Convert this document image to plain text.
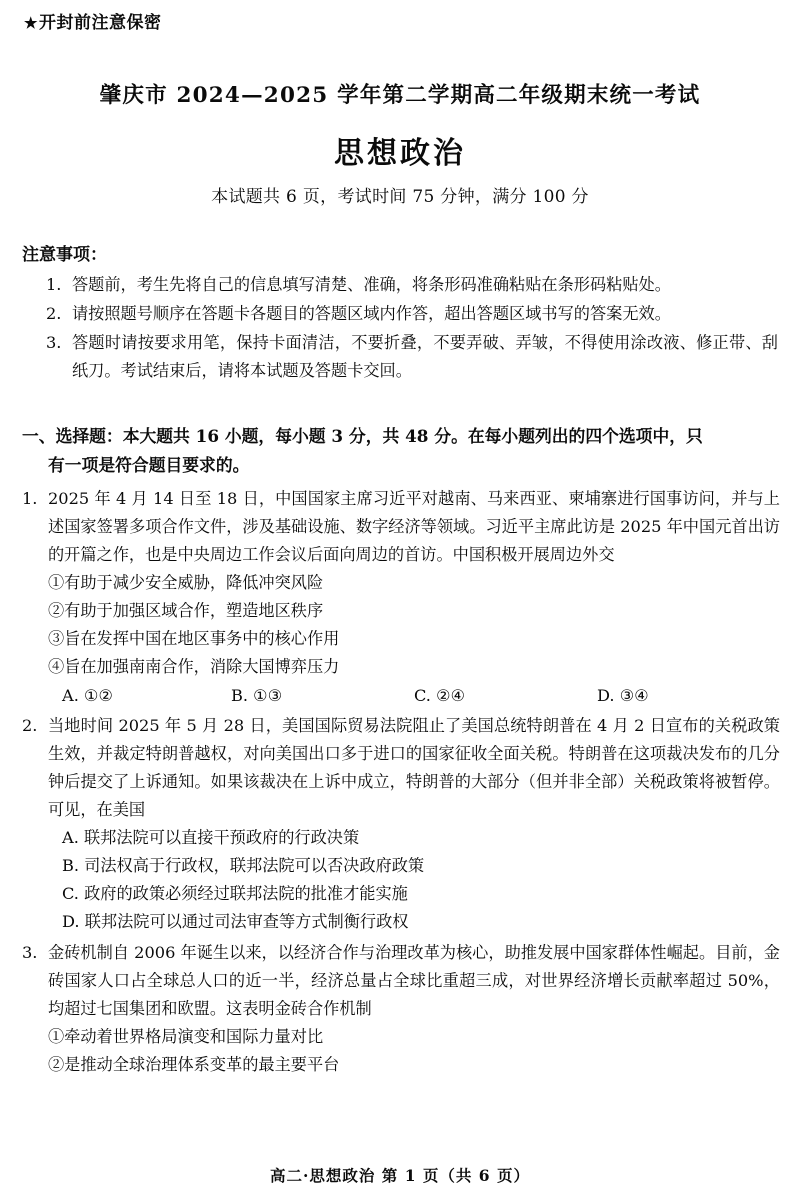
★开封前注意保密
肇庆市 2024—2025 学年第二学期高二年级期末统一考试
思想政治
本试题共 6 页，考试时间 75 分钟，满分 100 分
注意事项：
1. 答题前，考生先将自己的信息填写清楚、准确，将条形码准确粘贴在条形码粘贴处。
2. 请按照题号顺序在答题卡各题目的答题区域内作答，超出答题区域书写的答案无效。
3. 答题时请按要求用笔，保持卡面清洁，不要折叠，不要弄破、弄皱，不得使用涂改液、修正带、刮纸刀。考试结束后，请将本试题及答题卡交回。
一、选择题：本大题共 16 小题，每小题 3 分，共 48 分。在每小题列出的四个选项中，只
有一项是符合题目要求的。
1. 2025 年 4 月 14 日至 18 日，中国国家主席习近平对越南、马来西亚、柬埔寨进行国事访问，并与上述国家签署多项合作文件，涉及基础设施、数字经济等领域。习近平主席此访是 2025 年中国元首出访的开篇之作，也是中央周边工作会议后面向周边的首访。中国积极开展周边外交
①有助于减少安全威胁，降低冲突风险
②有助于加强区域合作，塑造地区秩序
③旨在发挥中国在地区事务中的核心作用
④旨在加强南南合作，消除大国博弈压力
A. ①②	B. ①③	C. ②④	D. ③④
2. 当地时间 2025 年 5 月 28 日，美国国际贸易法院阻止了美国总统特朗普在 4 月 2 日宣布的关税政策生效，并裁定特朗普越权，对向美国出口多于进口的国家征收全面关税。特朗普在这项裁决发布的几分钟后提交了上诉通知。如果该裁决在上诉中成立，特朗普的大部分（但并非全部）关税政策将被暂停。可见，在美国
A. 联邦法院可以直接干预政府的行政决策
B. 司法权高于行政权，联邦法院可以否决政府政策
C. 政府的政策必须经过联邦法院的批准才能实施
D. 联邦法院可以通过司法审查等方式制衡行政权
3. 金砖机制自 2006 年诞生以来，以经济合作与治理改革为核心，助推发展中国家群体性崛起。目前，金砖国家人口占全球总人口的近一半，经济总量占全球比重超三成，对世界经济增长贡献率超过 50%，均超过七国集团和欧盟。这表明金砖合作机制
①牵动着世界格局演变和国际力量对比
②是推动全球治理体系变革的最主要平台
高二·思想政治 第 1 页（共 6 页）
